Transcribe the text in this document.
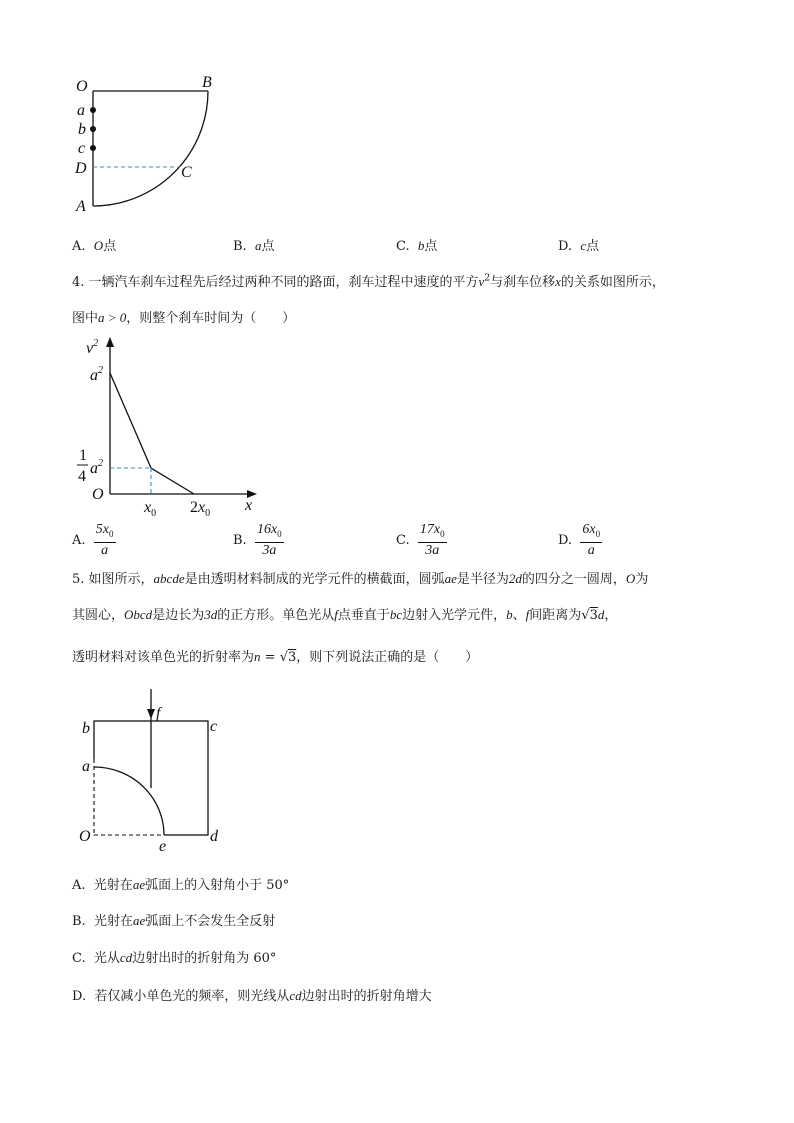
O	B
a
b
c
D	C
A
A. O点	B. a点	C. b点	D. c点
4. 一辆汽车刹车过程先后经过两种不同的路面，刹车过程中速度的平方$v^2$与刹车位移x的关系如图所示，
图中a > 0，则整个刹车时间为（　　）
$v^2$
$a^2$
1
4 $a^2$
O
$x_0$ $2x_0$ x
A. $\frac{5x_0}{a}$	B. $\frac{16x_0}{3a}$	C. $\frac{17x_0}{3a}$	D. $\frac{6x_0}{a}$
5. 如图所示，abcde是由透明材料制成的光学元件的横截面，圆弧ae是半径为2d的四分之一圆周，O为
其圆心，Obcd是边长为3d的正方形。单色光从f点垂直于bc边射入光学元件，b、f间距离为√3d，
透明材料对该单色光的折射率为n = √3，则下列说法正确的是（　　）
f
b	c
a
O	d
e
A. 光射在ae弧面上的入射角小于 50°
B. 光射在ae弧面上不会发生全反射
C. 光从cd边射出时的折射角为 60°
D. 若仅减小单色光的频率，则光线从cd边射出时的折射角增大
